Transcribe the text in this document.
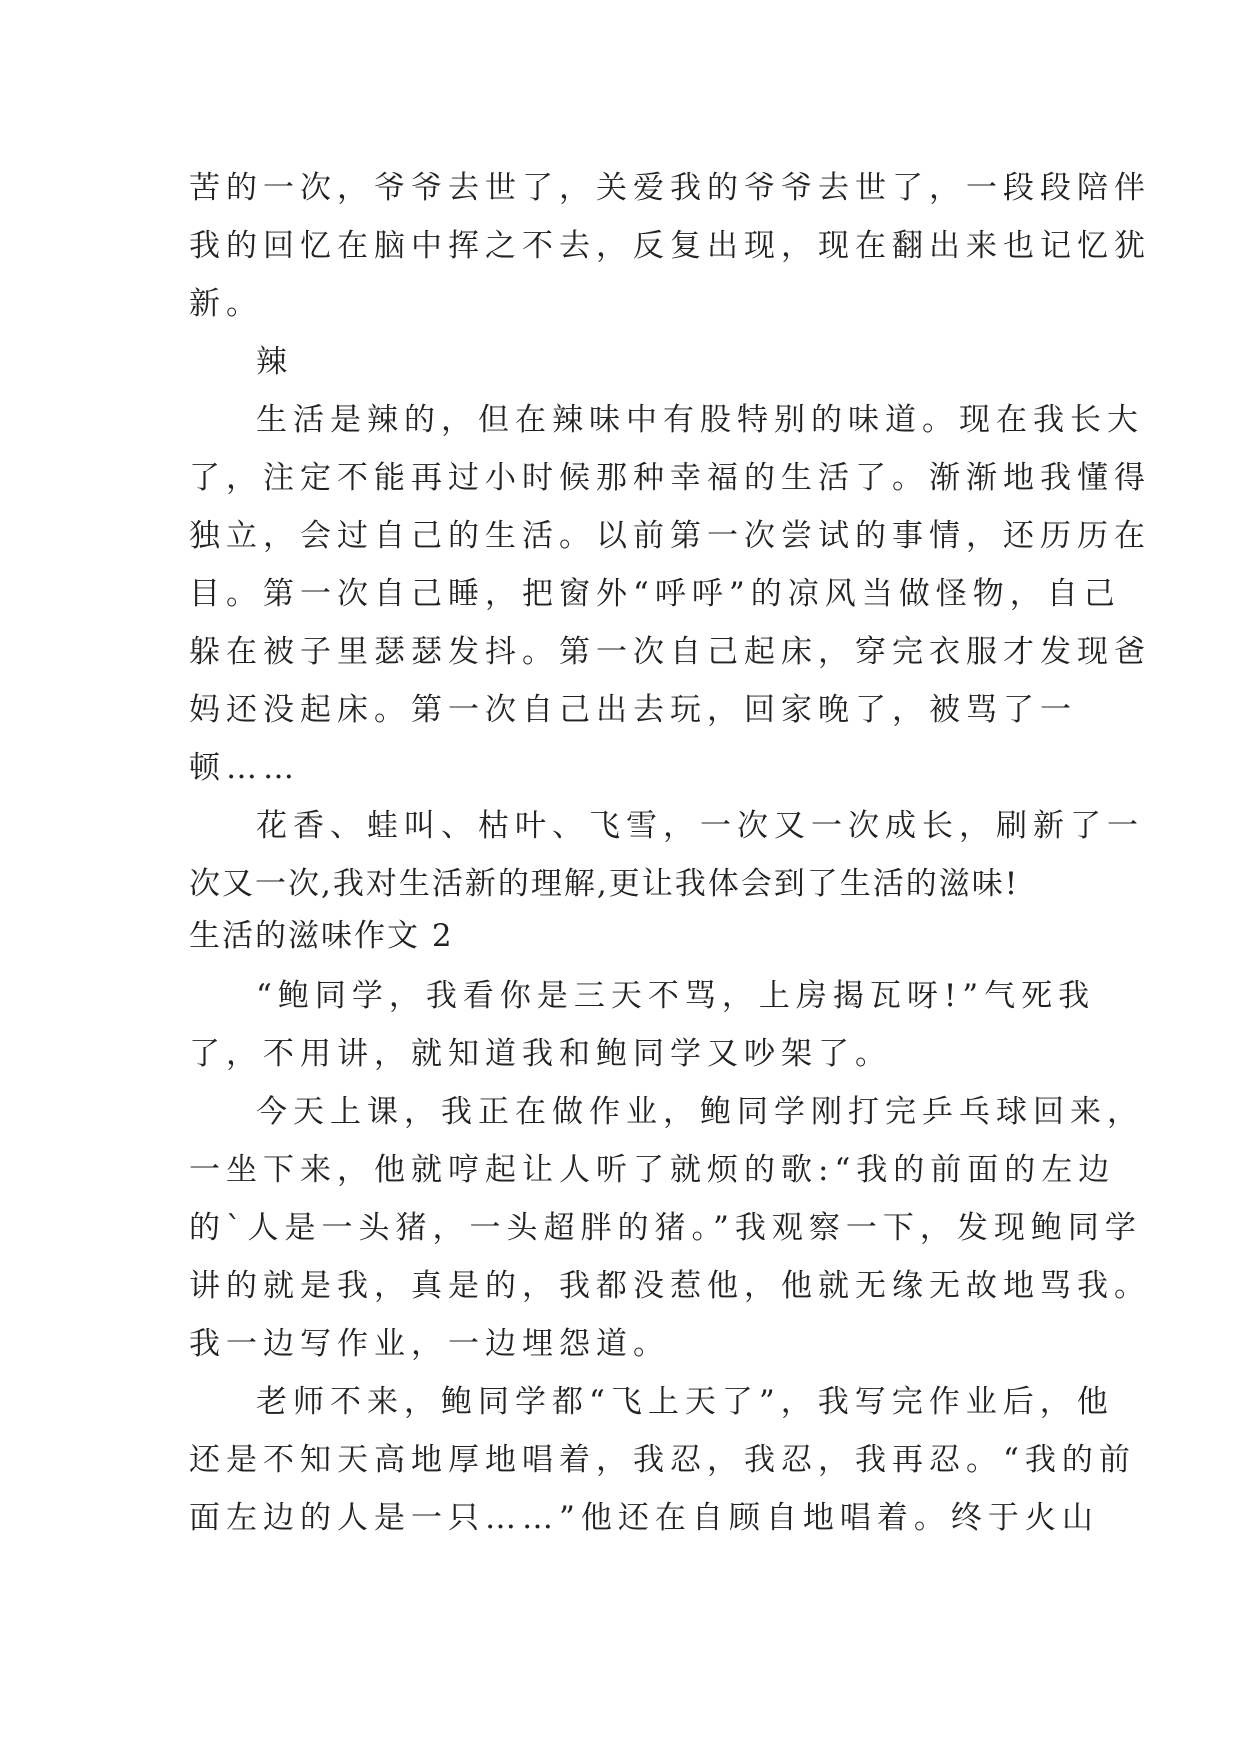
苦的一次，爷爷去世了，关爱我的爷爷去世了，一段段陪伴
我的回忆在脑中挥之不去，反复出现，现在翻出来也记忆犹
新。
辣
生活是辣的，但在辣味中有股特别的味道。现在我长大
了，注定不能再过小时候那种幸福的生活了。渐渐地我懂得
独立，会过自己的生活。以前第一次尝试的事情，还历历在
目。第一次自己睡，把窗外“呼呼”的凉风当做怪物，自己
躲在被子里瑟瑟发抖。第一次自己起床，穿完衣服才发现爸
妈还没起床。第一次自己出去玩，回家晚了，被骂了一
顿……
花香、蛙叫、枯叶、飞雪，一次又一次成长，刷新了一
次又一次,我对生活新的理解,更让我体会到了生活的滋味!
生活的滋味作文 2
“鲍同学，我看你是三天不骂，上房揭瓦呀!”气死我
了，不用讲，就知道我和鲍同学又吵架了。
今天上课，我正在做作业，鲍同学刚打完乒乓球回来，
一坐下来，他就哼起让人听了就烦的歌:“我的前面的左边
的`人是一头猪，一头超胖的猪。”我观察一下，发现鲍同学
讲的就是我，真是的，我都没惹他，他就无缘无故地骂我。
我一边写作业，一边埋怨道。
老师不来，鲍同学都“飞上天了”，我写完作业后，他
还是不知天高地厚地唱着，我忍，我忍，我再忍。“我的前
面左边的人是一只……”他还在自顾自地唱着。终于火山
